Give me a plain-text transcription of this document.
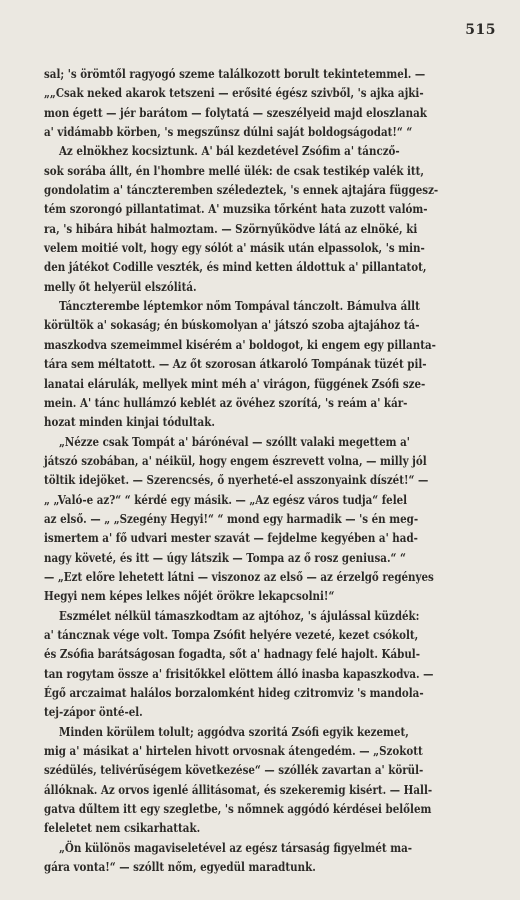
515

sal; 's örömtől ragyogó szeme találkozott borult tekintetemmel. —
„„Csak neked akarok tetszeni — erősité égész szivből, 's ajka ajki-
mon égett — jér barátom — folytatá — szeszélyeid majd eloszlanak
a' vidámabb körben, 's megszűnsz dúlni saját boldogságodat!“ “

Az elnökhez kocsiztunk. A' bál kezdetével Zsófim a' táncző-
sok sorába állt, én l'hombre mellé ülék: de csak testikép valék itt,
gondolatim a' tánczteremben széledeztek, 's ennek ajtajára függesz-
tém szorongó pillantatimat. A' muzsika tőrként hata zuzott valóm-
ra, 's hibára hibát halmoztam. — Szörnyűködve látá az elnöké, ki
velem moitié volt, hogy egy sólót a' másik után elpassolok, 's min-
den játékot Codille veszték, és mind ketten áldottuk a' pillantatot,
melly őt helyerül elszólitá.

Tánczterembe léptemkor nőm Tompával tánczolt. Bámulva állt
körültök a' sokaság; én búskomolyan a' játszó szoba ajtajához tá-
maszkodva szemeimmel kisérém a' boldogot, ki engem egy pillanta-
tára sem méltatott. — Az őt szorosan átkaroló Tompának tüzét pil-
lanatai elárulák, mellyek mint méh a' virágon, függének Zsófi sze-
mein. A' tánc hullámzó keblét az övéhez szorítá, 's reám a' kár-
hozat minden kinjai tódultak.

„Nézze csak Tompát a' bárónéval — szóllt valaki megettem a'
játszó szobában, a' néikül, hogy engem észrevett volna, — milly jól
töltik idejöket. — Szerencsés, ő nyerheté-el asszonyaink díszét!“ —
„ „Való-e az?“ “ kérdé egy másik. — „Az egész város tudja“ felel
az első. — „ „Szegény Hegyi!“ “ mond egy harmadik — 's én meg-
ismertem a' fő udvari mester szavát — fejdelme kegyében a' had-
nagy követé, és itt — úgy látszik — Tompa az ő rosz geniusa.“ “
— „Ezt előre lehetett látni — viszonoz az első — az érzelgő regényes
Hegyi nem képes lelkes nőjét örökre lekapcsolni!“

Eszmélet nélkül támaszkodtam az ajtóhoz, 's ájulással küzdék:
a' táncznak vége volt. Tompa Zsófit helyére vezeté, kezet csókolt,
és Zsófia barátságosan fogadta, sőt a' hadnagy felé hajolt. Kábul-
tan rogytam össze a' frisitőkkel elöttem álló inasba kapaszkodva. —
Égő arczaimat halálos borzalomként hideg czitromviz 's mandola-
tej-zápor önté-el.

Minden körülem tolult; aggódva szoritá Zsófi egyik kezemet,
mig a' másikat a' hirtelen hivott orvosnak átengedém. — „Szokott
szédülés, telivérűségem következése“ — szóllék zavartan a' körül-
állóknak. Az orvos igenlé állitásomat, és szekeremig kisért. — Hall-
gatva dűltem itt egy szegletbe, 's nőmnek aggódó kérdései belőlem
feleletet nem csikarhattak.

„Ön különös magaviseletével az egész társaság figyelmét ma-
gára vonta!“ — szóllt nőm, egyedül maradtunk.
